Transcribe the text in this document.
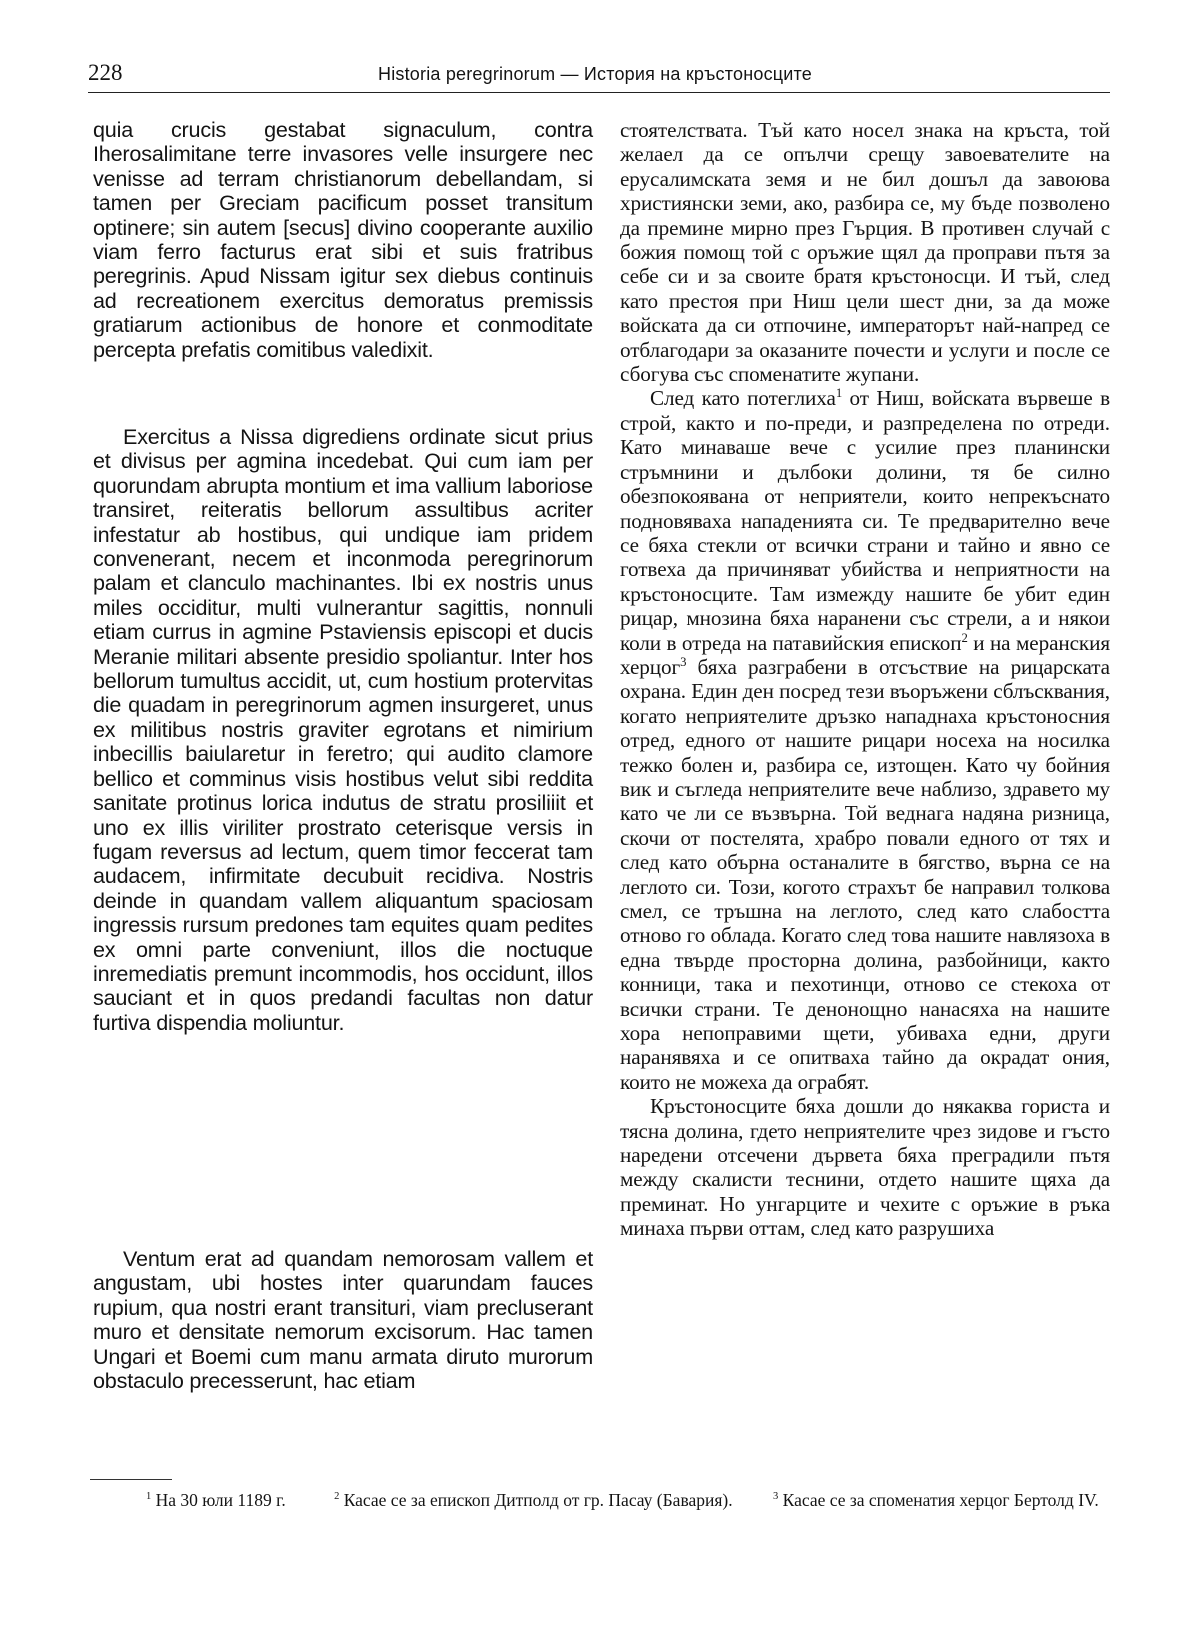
228	Historia peregrinorum — История на кръстоносците

quia crucis gestabat signaculum, contra Iherosalimitane terre invasores velle insurgere nec venisse ad terram christianorum debellandam, si tamen per Greciam pacificum posset transitum optinere; sin autem [secus] divino cooperante auxilio viam ferro facturus erat sibi et suis fratribus peregrinis. Apud Nissam igitur sex diebus continuis ad recreationem exercitus demoratus premissis gratiarum actionibus de honore et conmoditate percepta prefatis comitibus valedixit.

Exercitus a Nissa digrediens ordinate sicut prius et divisus per agmina incedebat. Qui cum iam per quorundam abrupta montium et ima vallium laboriose transiret, reiteratis bellorum assultibus acriter infestatur ab hostibus, qui undique iam pridem convenerant, necem et inconmoda peregrinorum palam et clanculo machinantes. Ibi ex nostris unus miles occiditur, multi vulnerantur sagittis, nonnuli etiam currus in agmine Pstaviensis episcopi et ducis Meranie militari absente presidio spoliantur. Inter hos bellorum tumultus accidit, ut, cum hostium protervitas die quadam in peregrinorum agmen insurgeret, unus ex militibus nostris graviter egrotans et nimirium inbecillis baiularetur in feretro; qui audito clamore bellico et comminus visis hostibus velut sibi reddita sanitate protinus lorica indutus de stratu prosiliiit et uno ex illis viriliter prostrato ceterisque versis in fugam reversus ad lectum, quem timor feccerat tam audacem, infirmitate decubuit recidiva. Nostris deinde in quandam vallem aliquantum spaciosam ingressis rursum predones tam equites quam pedites ex omni parte conveniunt, illos die noctuque inremediatis premunt incommodis, hos occidunt, illos sauciant et in quos predandi facultas non datur furtiva dispendia moliuntur.

Ventum erat ad quandam nemorosam vallem et angustam, ubi hostes inter quarundam fauces rupium, qua nostri erant transituri, viam precluserant muro et densitate nemorum excisorum. Hac tamen Ungari et Boemi cum manu armata diruto murorum obstaculo precesserunt, hac etiam

стоятелствата. Тъй като носел знака на кръста, той желаел да се опълчи срещу завоевателите на ерусалимската земя и не бил дошъл да завоюва християнски земи, ако, разбира се, му бъде позволено да премине мирно през Гърция. В противен случай с божия помощ той с оръжие щял да проправи пътя за себе си и за своите братя кръстоносци. И тъй, след като престоя при Ниш цели шест дни, за да може войската да си отпочине, императорът най-напред се отблагодари за оказаните почести и услуги и после се сбогува със споменатите жупани.

След като потеглиха$^1$ от Ниш, войската вървеше в строй, както и по-преди, и разпределена по отреди. Като минаваше вече с усилие през планински стръмнини и дълбоки долини, тя бе силно обезпокоявана от неприятели, които непрекъснато подновяваха нападенията си. Те предварително вече се бяха стекли от всички страни и тайно и явно се готвеха да причиняват убийства и неприятности на кръстоносците. Там измежду нашите бе убит един рицар, мнозина бяха наранени със стрели, а и някои коли в отреда на патавийския епископ$^2$ и на меранския херцог$^3$ бяха разграбени в отсъствие на рицарската охрана. Един ден посред тези въоръжени сблъсквания, когато неприятелите дръзко нападнаха кръстоносния отред, едного от нашите рицари носеха на носилка тежко болен и, разбира се, изтощен. Като чу бойния вик и съгледа неприятелите вече наблизо, здравето му като че ли се възвърна. Той веднага надяна ризница, скочи от постелята, храбро повали едного от тях и след като обърна останалите в бягство, върна се на леглото си. Този, когото страхът бе направил толкова смел, се тръшна на леглото, след като слабостта отново го облада. Когато след това нашите навлязоха в една твърде просторна долина, разбойници, както конници, така и пехотинци, отново се стекоха от всички страни. Те денонощно нанасяха на нашите хора непоправими щети, убиваха едни, други наранявяха и се опитваха тайно да окрадат ония, които не можеха да ограбят.

Кръстоносците бяха дошли до някаква гориста и тясна долина, гдето неприятелите чрез зидове и гъсто наредени отсечени дървета бяха преградили пътя между скалисти теснини, отдето нашите щяха да преминат. Но унгарците и чехите с оръжие в ръка минаха първи оттам, след като разрушиха

$^1$ На 30 юли 1189 г.	$^2$ Касае се за епископ Дитполд от гр. Пасау (Бавария).	$^3$ Касае се за споменатия херцог Бертолд IV.
